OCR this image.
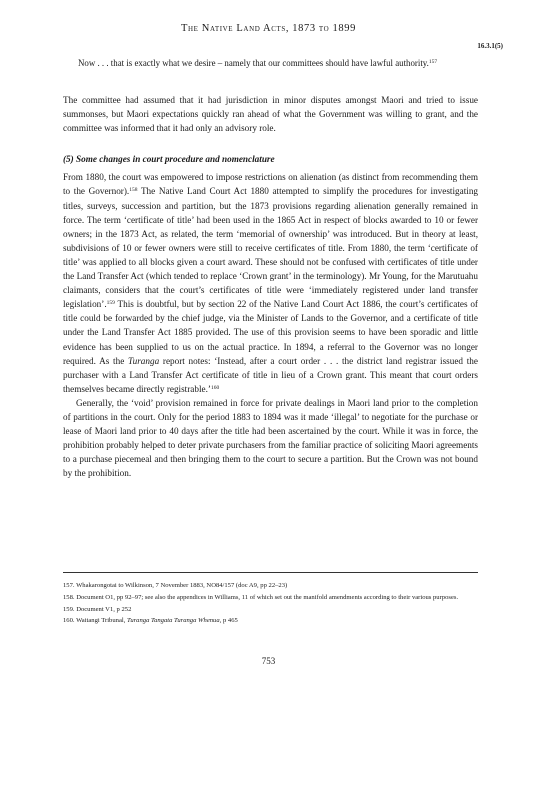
The Native Land Acts, 1873 to 1899
16.3.1(5)
Now . . . that is exactly what we desire – namely that our committees should have lawful authority.$^{157}$

The committee had assumed that it had jurisdiction in minor disputes amongst Maori and tried to issue summonses, but Maori expectations quickly ran ahead of what the Government was willing to grant, and the committee was informed that it had only an advisory role.

(5) Some changes in court procedure and nomenclature

From 1880, the court was empowered to impose restrictions on alienation (as distinct from recommending them to the Governor).$^{158}$ The Native Land Court Act 1880 attempted to simplify the procedures for investigating titles, surveys, succession and partition, but the 1873 provisions regarding alienation generally remained in force. The term ‘certificate of title’ had been used in the 1865 Act in respect of blocks awarded to 10 or fewer owners; in the 1873 Act, as related, the term ‘memorial of ownership’ was introduced. But in theory at least, subdivisions of 10 or fewer owners were still to receive certificates of title. From 1880, the term ‘certificate of title’ was applied to all blocks given a court award. These should not be confused with certificates of title under the Land Transfer Act (which tended to replace ‘Crown grant’ in the terminology). Mr Young, for the Marutuahu claimants, considers that the court’s certificates of title were ‘immediately registered under land transfer legislation’.$^{159}$ This is doubtful, but by section 22 of the Native Land Court Act 1886, the court’s certificates of title could be forwarded by the chief judge, via the Minister of Lands to the Governor, and a certificate of title under the Land Transfer Act 1885 provided. The use of this provision seems to have been sporadic and little evidence has been supplied to us on the actual practice. In 1894, a referral to the Governor was no longer required. As the Turanga report notes: ‘Instead, after a court order . . . the district land registrar issued the purchaser with a Land Transfer Act certificate of title in lieu of a Crown grant. This meant that court orders themselves became directly registrable.’$^{160}$

Generally, the ‘void’ provision remained in force for private dealings in Maori land prior to the completion of partitions in the court. Only for the period 1883 to 1894 was it made ‘illegal’ to negotiate for the purchase or lease of Maori land prior to 40 days after the title had been ascertained by the court. While it was in force, the prohibition probably helped to deter private purchasers from the familiar practice of soliciting Maori agreements to a purchase piecemeal and then bringing them to the court to secure a partition. But the Crown was not bound by the prohibition.

157. Whakarongotai to Wilkinson, 7 November 1883, NO84/157 (doc A9, pp 22–23)

158. Document O1, pp 92–97; see also the appendices in Williams, 11 of which set out the manifold amendments according to their various purposes.

159. Document V1, p 252

160. Waitangi Tribunal, Turanga Tangata Turanga Whenua, p 465

753
